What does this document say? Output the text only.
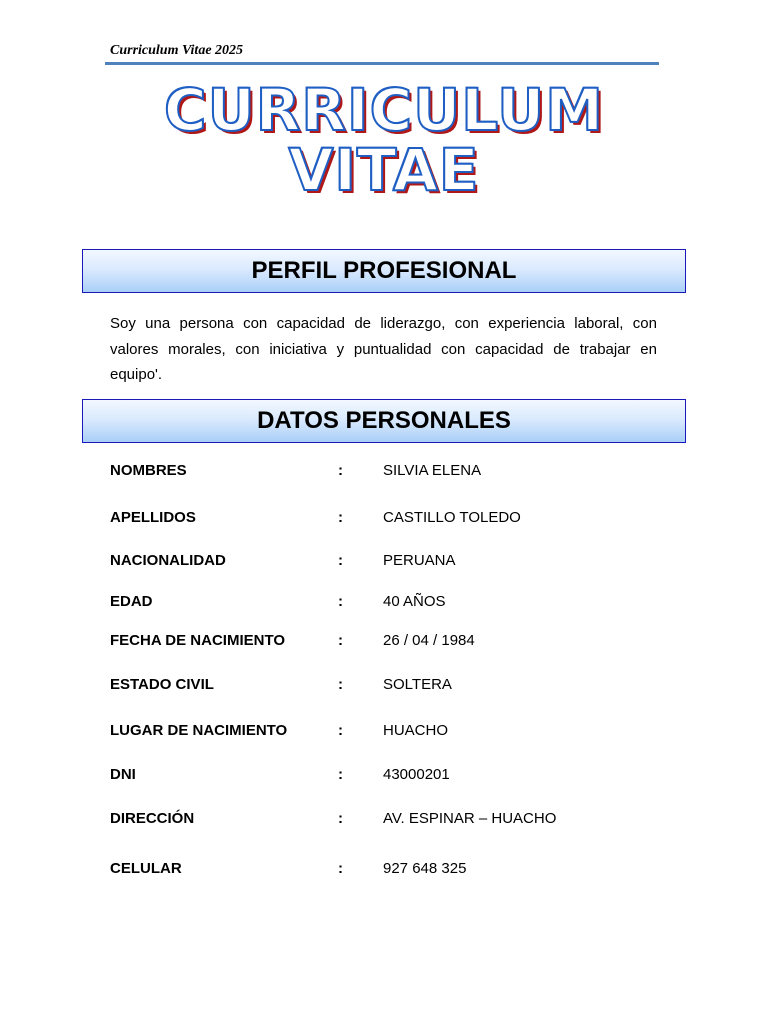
Curriculum Vitae 2025
CURRICULUM
VITAE
PERFIL PROFESIONAL
Soy una persona con capacidad de liderazgo, con experiencia laboral, con valores morales, con iniciativa y puntualidad con capacidad de trabajar en equipo'.
DATOS PERSONALES
NOMBRES	:	SILVIA ELENA
APELLIDOS	:	CASTILLO TOLEDO
NACIONALIDAD	:	PERUANA
EDAD	:	40 AÑOS
FECHA DE NACIMIENTO	:	26 / 04 / 1984
ESTADO CIVIL	:	SOLTERA
LUGAR DE NACIMIENTO	:	HUACHO
DNI	:	43000201
DIRECCIÓN	:	AV. ESPINAR – HUACHO
CELULAR	:	927 648 325
